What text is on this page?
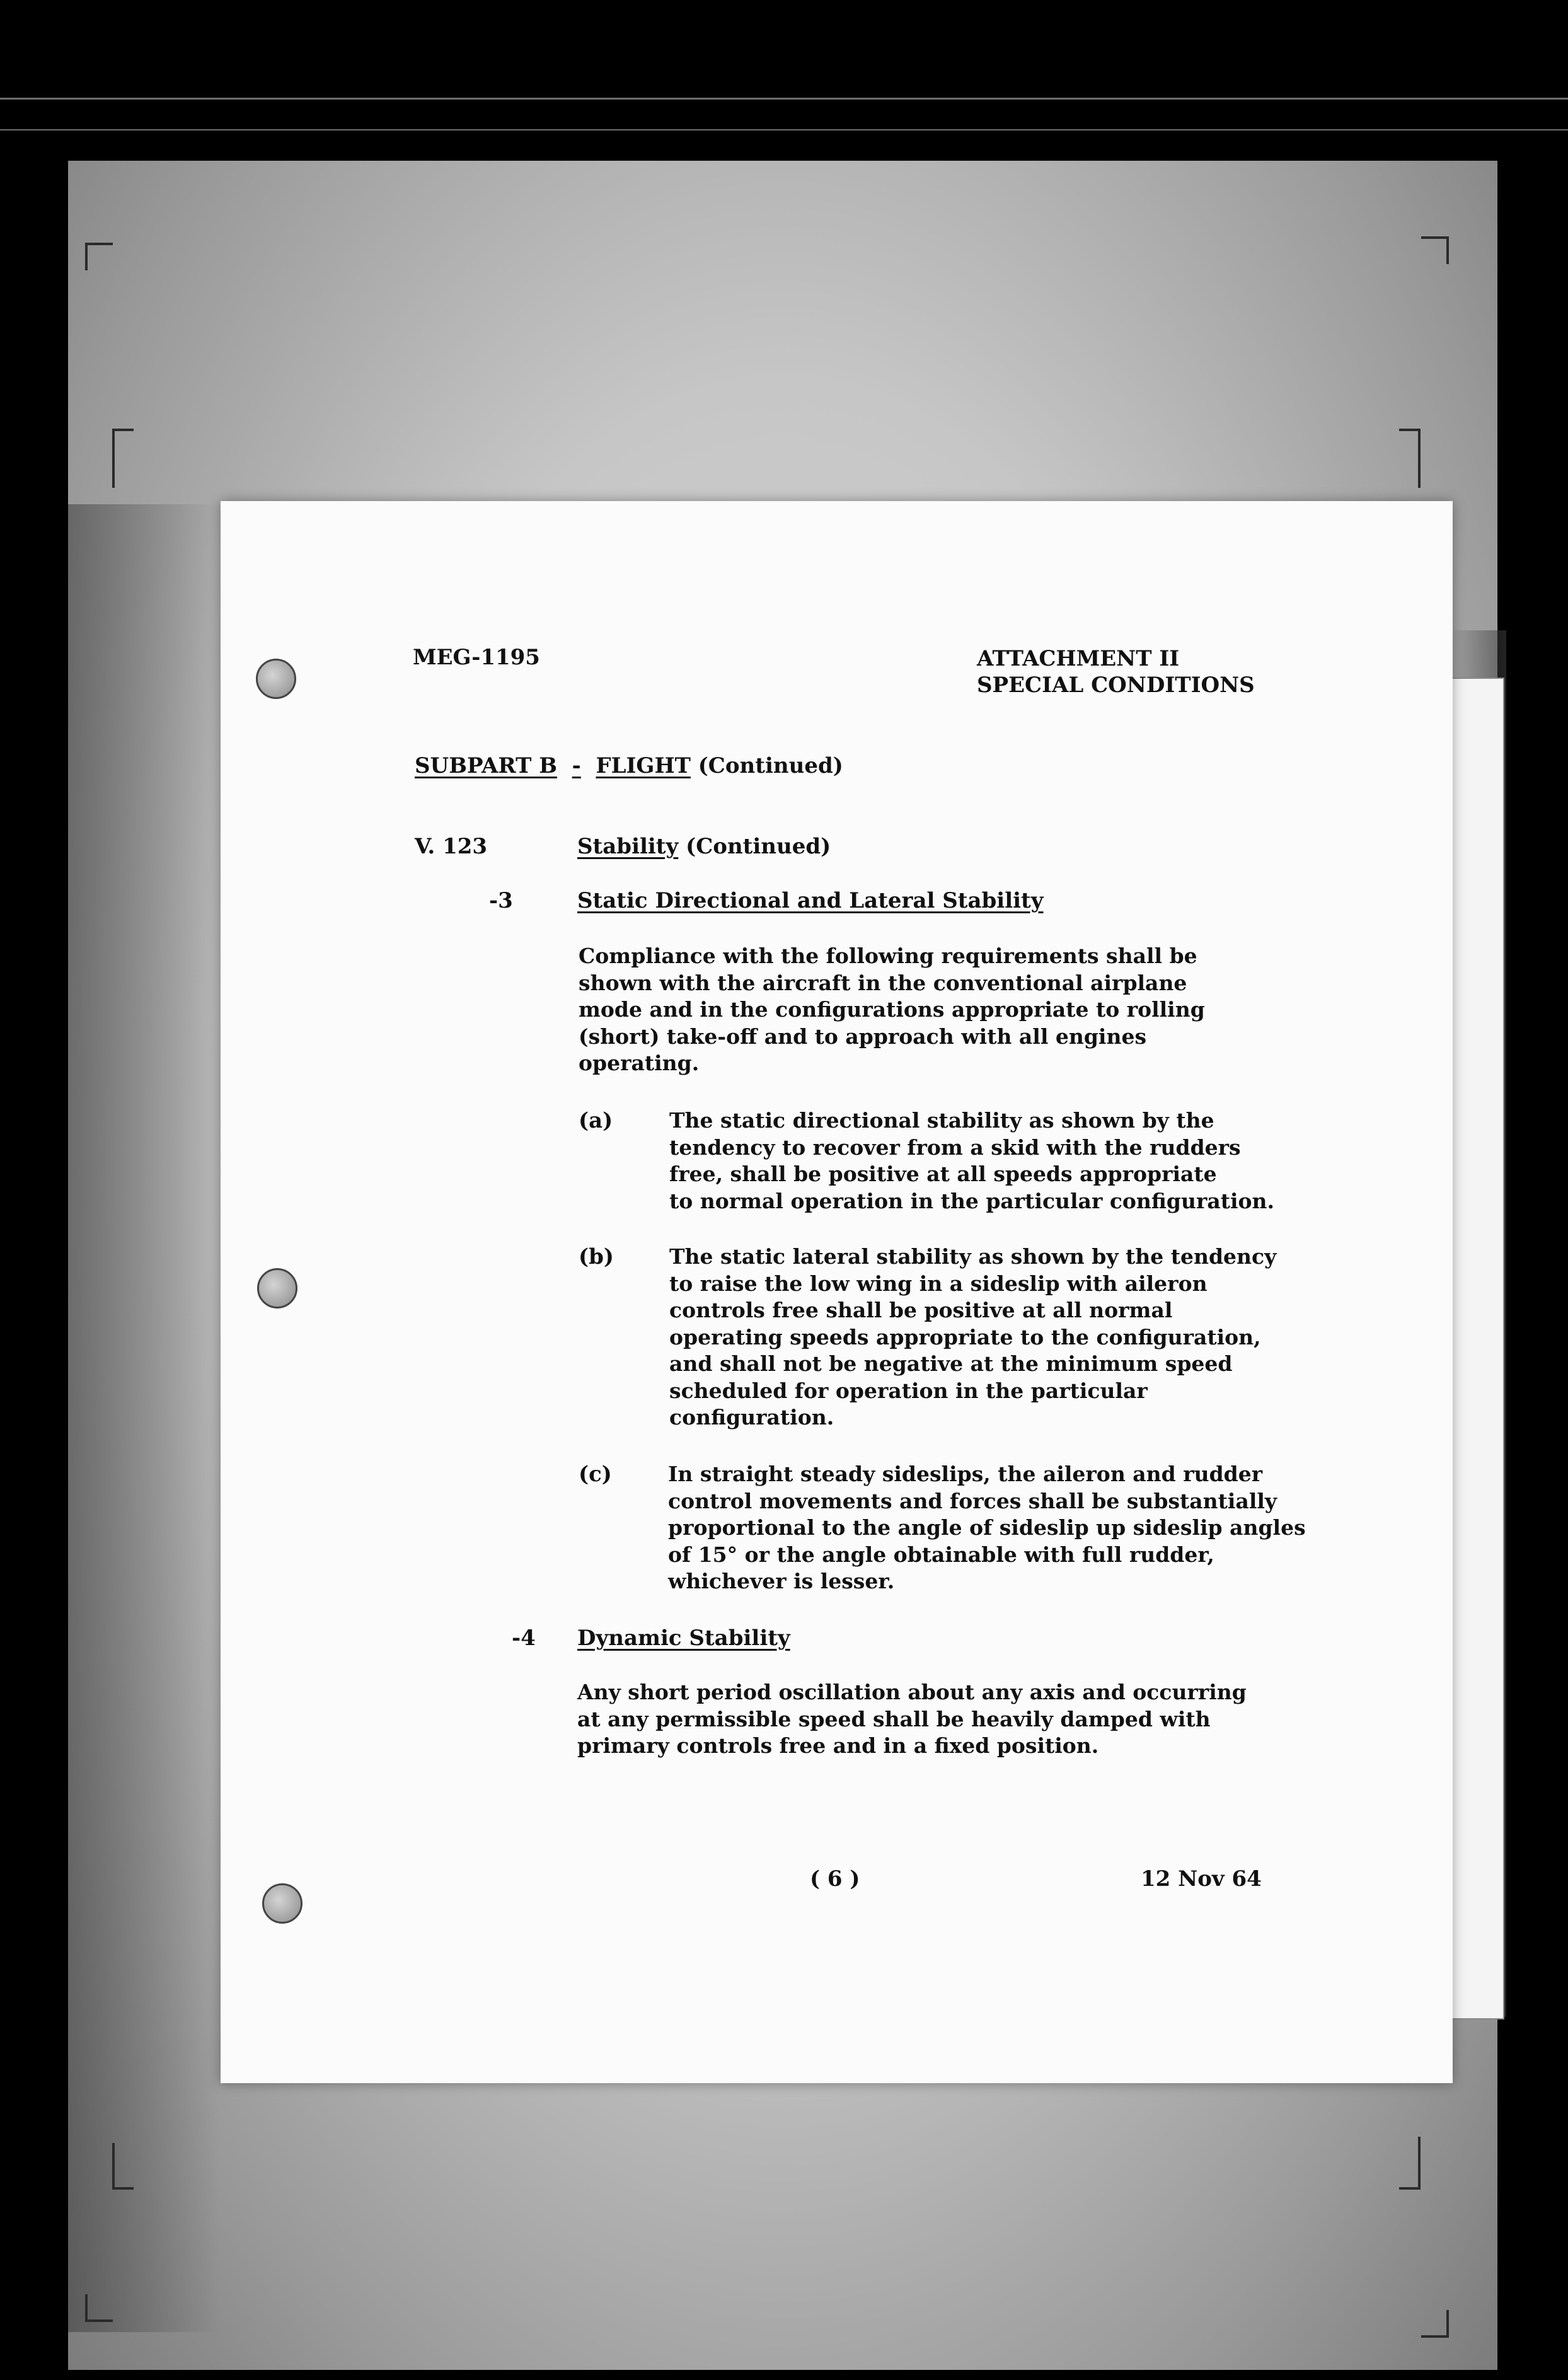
MEG-1195	ATTACHMENT II
SPECIAL CONDITIONS
SUBPART B - FLIGHT (Continued)
V. 123	Stability (Continued)
-3	Static Directional and Lateral Stability
Compliance with the following requirements shall be
shown with the aircraft in the conventional airplane
mode and in the configurations appropriate to rolling
(short) take-off and to approach with all engines
operating.
(a)	The static directional stability as shown by the
tendency to recover from a skid with the rudders
free, shall be positive at all speeds appropriate
to normal operation in the particular configuration.
(b)	The static lateral stability as shown by the tendency
to raise the low wing in a sideslip with aileron
controls free shall be positive at all normal
operating speeds appropriate to the configuration,
and shall not be negative at the minimum speed
scheduled for operation in the particular
configuration.
(c)	In straight steady sideslips, the aileron and rudder
control movements and forces shall be substantially
proportional to the angle of sideslip up sideslip angles
of 15° or the angle obtainable with full rudder,
whichever is lesser.
-4 Dynamic Stability
Any short period oscillation about any axis and occurring
at any permissible speed shall be heavily damped with
primary controls free and in a fixed position.
( 6 )	12 Nov 64
